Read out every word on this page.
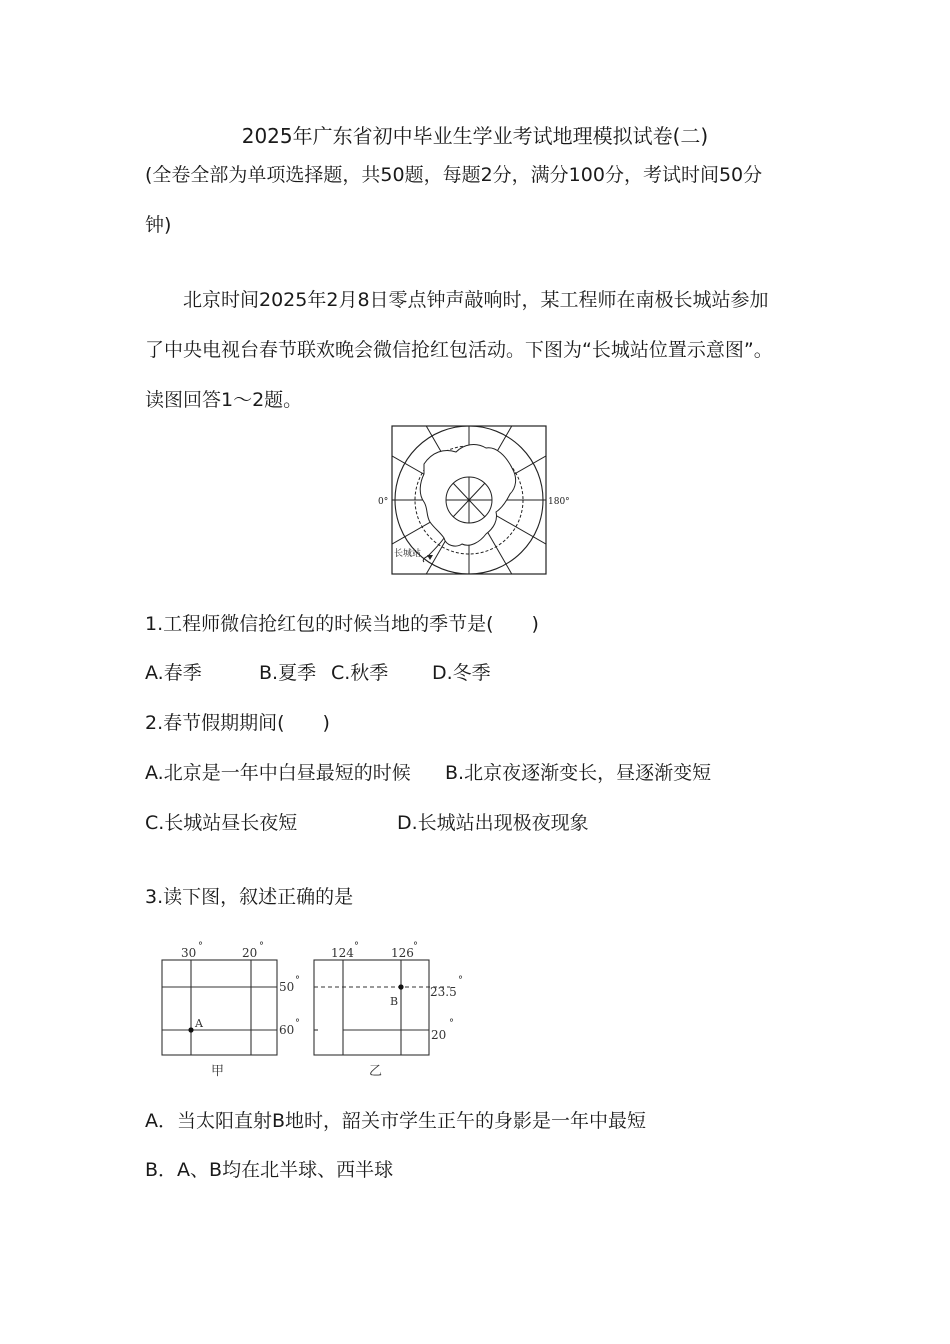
2025年广东省初中毕业生学业考试地理模拟试卷(二)
(全卷全部为单项选择题，共50题，每题2分，满分100分，考试时间50分
钟)
北京时间2025年2月8日零点钟声敲响时，某工程师在南极长城站参加
了中央电视台春节联欢晚会微信抢红包活动。下图为“长城站位置示意图”。
读图回答1～2题。
0°	180°
长城站
1.工程师微信抢红包的时候当地的季节是(　　)
A.春季	B.夏季 C.秋季 D.冬季
2.春节假期期间(　　)
A.北京是一年中白昼最短的时候 B.北京夜逐渐变长，昼逐渐变短
C.长城站昼长夜短	D.长城站出现极夜现象
3.读下图，叙述正确的是
30 °	20 °
50 °
60 °
A
甲
124 °	126 °
23.5
°
20
°
B
乙
A．当太阳直射B地时，韶关市学生正午的身影是一年中最短
B．A、B均在北半球、西半球
